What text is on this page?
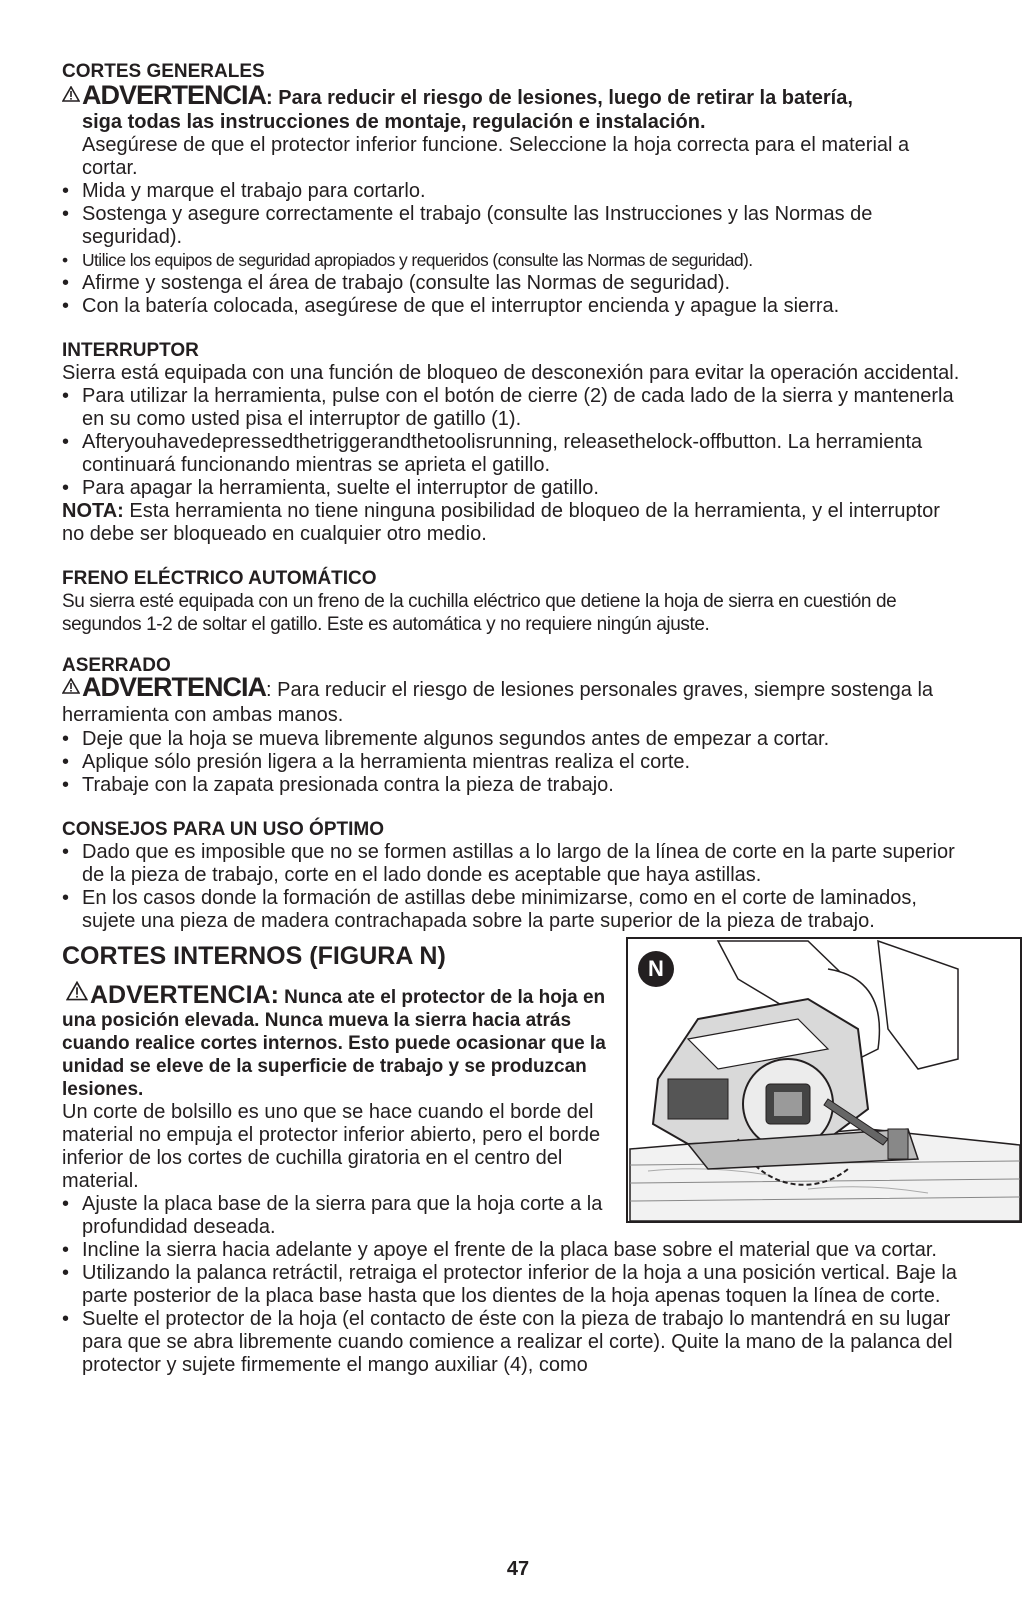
CORTES GENERALES
ADVERTENCIA: Para reducir el riesgo de lesiones, luego de retirar la batería,

siga todas las instrucciones de montaje, regulación e instalación.

Asegúrese de que el protector inferior funcione. Seleccione la hoja correcta para el material a cortar.

• Mida y marque el trabajo para cortarlo.
• Sostenga y asegure correctamente el trabajo (consulte las Instrucciones y las Normas de seguridad).
• Utilice los equipos de seguridad apropiados y requeridos (consulte las Normas de seguridad).
• Afirme y sostenga el área de trabajo (consulte las Normas de seguridad).
• Con la batería colocada, asegúrese de que el interruptor encienda y apague la sierra.
INTERRUPTOR

Sierra está equipada con una función de bloqueo de desconexión para evitar la operación accidental.

• Para utilizar la herramienta, pulse con el botón de cierre (2) de cada lado de la sierra y mantenerla en su como usted pisa el interruptor de gatillo (1).
• Afteryouhavedepressedthetriggerandthetoolisrunning, releasethelock-offbutton. La herramienta continuará funcionando mientras se aprieta el gatillo.
• Para apagar la herramienta, suelte el interruptor de gatillo.

NOTA: Esta herramienta no tiene ninguna posibilidad de bloqueo de la herramienta, y el interruptor no debe ser bloqueado en cualquier otro medio.

FRENO ELÉCTRICO AUTOMÁTICO

Su sierra esté equipada con un freno de la cuchilla eléctrico que detiene la hoja de sierra en cuestión de segundos 1-2 de soltar el gatillo. Este es automática y no requiere ningún ajuste.

ASERRADO
ADVERTENCIA: Para reducir el riesgo de lesiones personales graves, siempre sostenga la herramienta con ambas manos.
• Deje que la hoja se mueva libremente algunos segundos antes de empezar a cortar.
• Aplique sólo presión ligera a la herramienta mientras realiza el corte.
• Trabaje con la zapata presionada contra la pieza de trabajo.
CONSEJOS PARA UN USO ÓPTIMO
• Dado que es imposible que no se formen astillas a lo largo de la línea de corte en la parte superior de la pieza de trabajo, corte en el lado donde es aceptable que haya astillas.
• En los casos donde la formación de astillas debe minimizarse, como en el corte de laminados, sujete una pieza de madera contrachapada sobre la parte superior de la pieza de trabajo.
CORTES INTERNOS (FIGURA N)

ADVERTENCIA: Nunca ate el protector de la hoja en una posición elevada. Nunca mueva la sierra hacia atrás cuando realice cortes internos. Esto puede ocasionar que la unidad se eleve de la superficie de trabajo y se produzcan lesiones.

Un corte de bolsillo es uno que se hace cuando el borde del material no empuja el protector inferior abierto, pero el borde inferior de los cortes de cuchilla giratoria en el centro del material.

• Ajuste la placa base de la sierra para que la hoja corte a la profundidad deseada.
N
• Incline la sierra hacia adelante y apoye el frente de la placa base sobre el material que va cortar.
• Utilizando la palanca retráctil, retraiga el protector inferior de la hoja a una posición vertical. Baje la parte posterior de la placa base hasta que los dientes de la hoja apenas toquen la línea de corte.
• Suelte el protector de la hoja (el contacto de éste con la pieza de trabajo lo mantendrá en su lugar para que se abra libremente cuando comience a realizar el corte). Quite la mano de la palanca del protector y sujete firmemente el mango auxiliar (4), como
47
